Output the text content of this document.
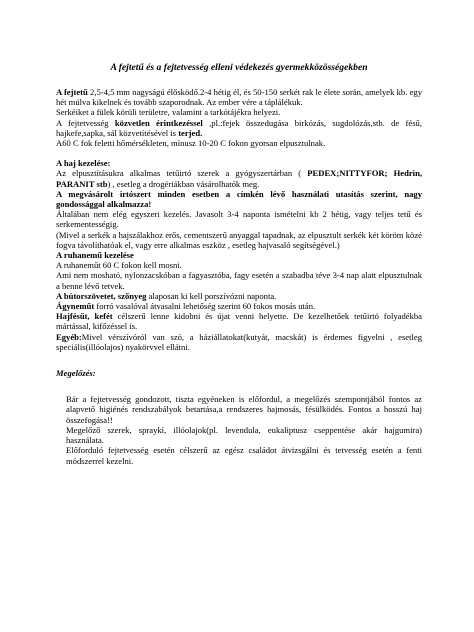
A fejtetű és a fejtetvesség elleni védekezés gyermekközösségekben

A fejtetű 2,5-4,5 mm nagyságú élősködő.2-4 hétig él, és 50-150 serkét rak le élete során, amelyek kb. egy hét múlva kikelnek és tovább szaporodnak. Az ember vére a táplálékuk.

Serkéiket a fülek körüli területre, valamint a tarkótájékra helyezi.

A fejtetvesség közvetlen érintkezéssel ,pl.:fejek összedugása birkózás, sugdolózás,stb. de fésű, hajkefe,sapka, sál közvetítésével is terjed.

A60 C fok feletti hőmérsékleten, mínusz 10-20 C fokon gyorsan elpusztulnak.

A haj kezelése:

Az elpusztításukra alkalmas tetűirtó szerek a gyógyszertárban ( PEDEX;NITTYFOR; Hedrin, PARANIT stb) , esetleg a drogériákban vásárolhatók meg.

A megvásárolt irtószert minden esetben a címkén lévő használati utasítás szerint, nagy gondossággal alkalmazza!

Általában nem elég egyszeri kezelés. Javasolt 3-4 naponta ismételni kb 2 hétig, vagy teljes tetű és serkementességig.

(Mivel a serkék a hajszálakhoz erős, cementszerű anyaggal tapadnak, az elpusztult serkék két köröm közé fogva távolíthatóak el, vagy erre alkalmas eszköz , esetleg hajvasaló segítségével.)

A ruhanemű kezelése

A ruhaneműt 60 C fokon kell mosni.

Ami nem mosható, nylonzacskóban a fagyasztóba, fagy esetén a szabadba téve 3-4 nap alatt elpusztulnak a benne lévő tetvek.

A bútorszövetet, szőnyeg alaposan ki kell porszívózni naponta.

Ágyneműt forró vasalóval átvasalni lehetőség szerint 60 fokos mosás után.

Hajfésűt, kefét célszerű lenne kidobni és újat venni helyette. De kezelhetőek tetűirtó folyadékba mártással, kifőzéssel is.

Egyéb:Mivel vérszívóról van szó, a háziállatokat(kutyát, macskát) is érdemes figyelni , esetleg speciális(illóolajos) nyakörvvel ellátni.

Megelőzés:

Bár a fejtetvesség gondozott, tiszta egyéneken is előfordul, a megelőzés szempontjából fontos az alapvető higiénés rendszabályok betartása,a rendszeres hajmosás, fésülködés. Fontos a hosszú haj összefogása!!

Megelőző szerek, spraykí, illóolajok(pl. levendula, eukaliptusz cseppentése akár hajgumira) használata.

Előforduló fejtetvesség esetén célszerű az egész családot átvizsgálni és tetvesség esetén a fenti módszerrel kezelni.
